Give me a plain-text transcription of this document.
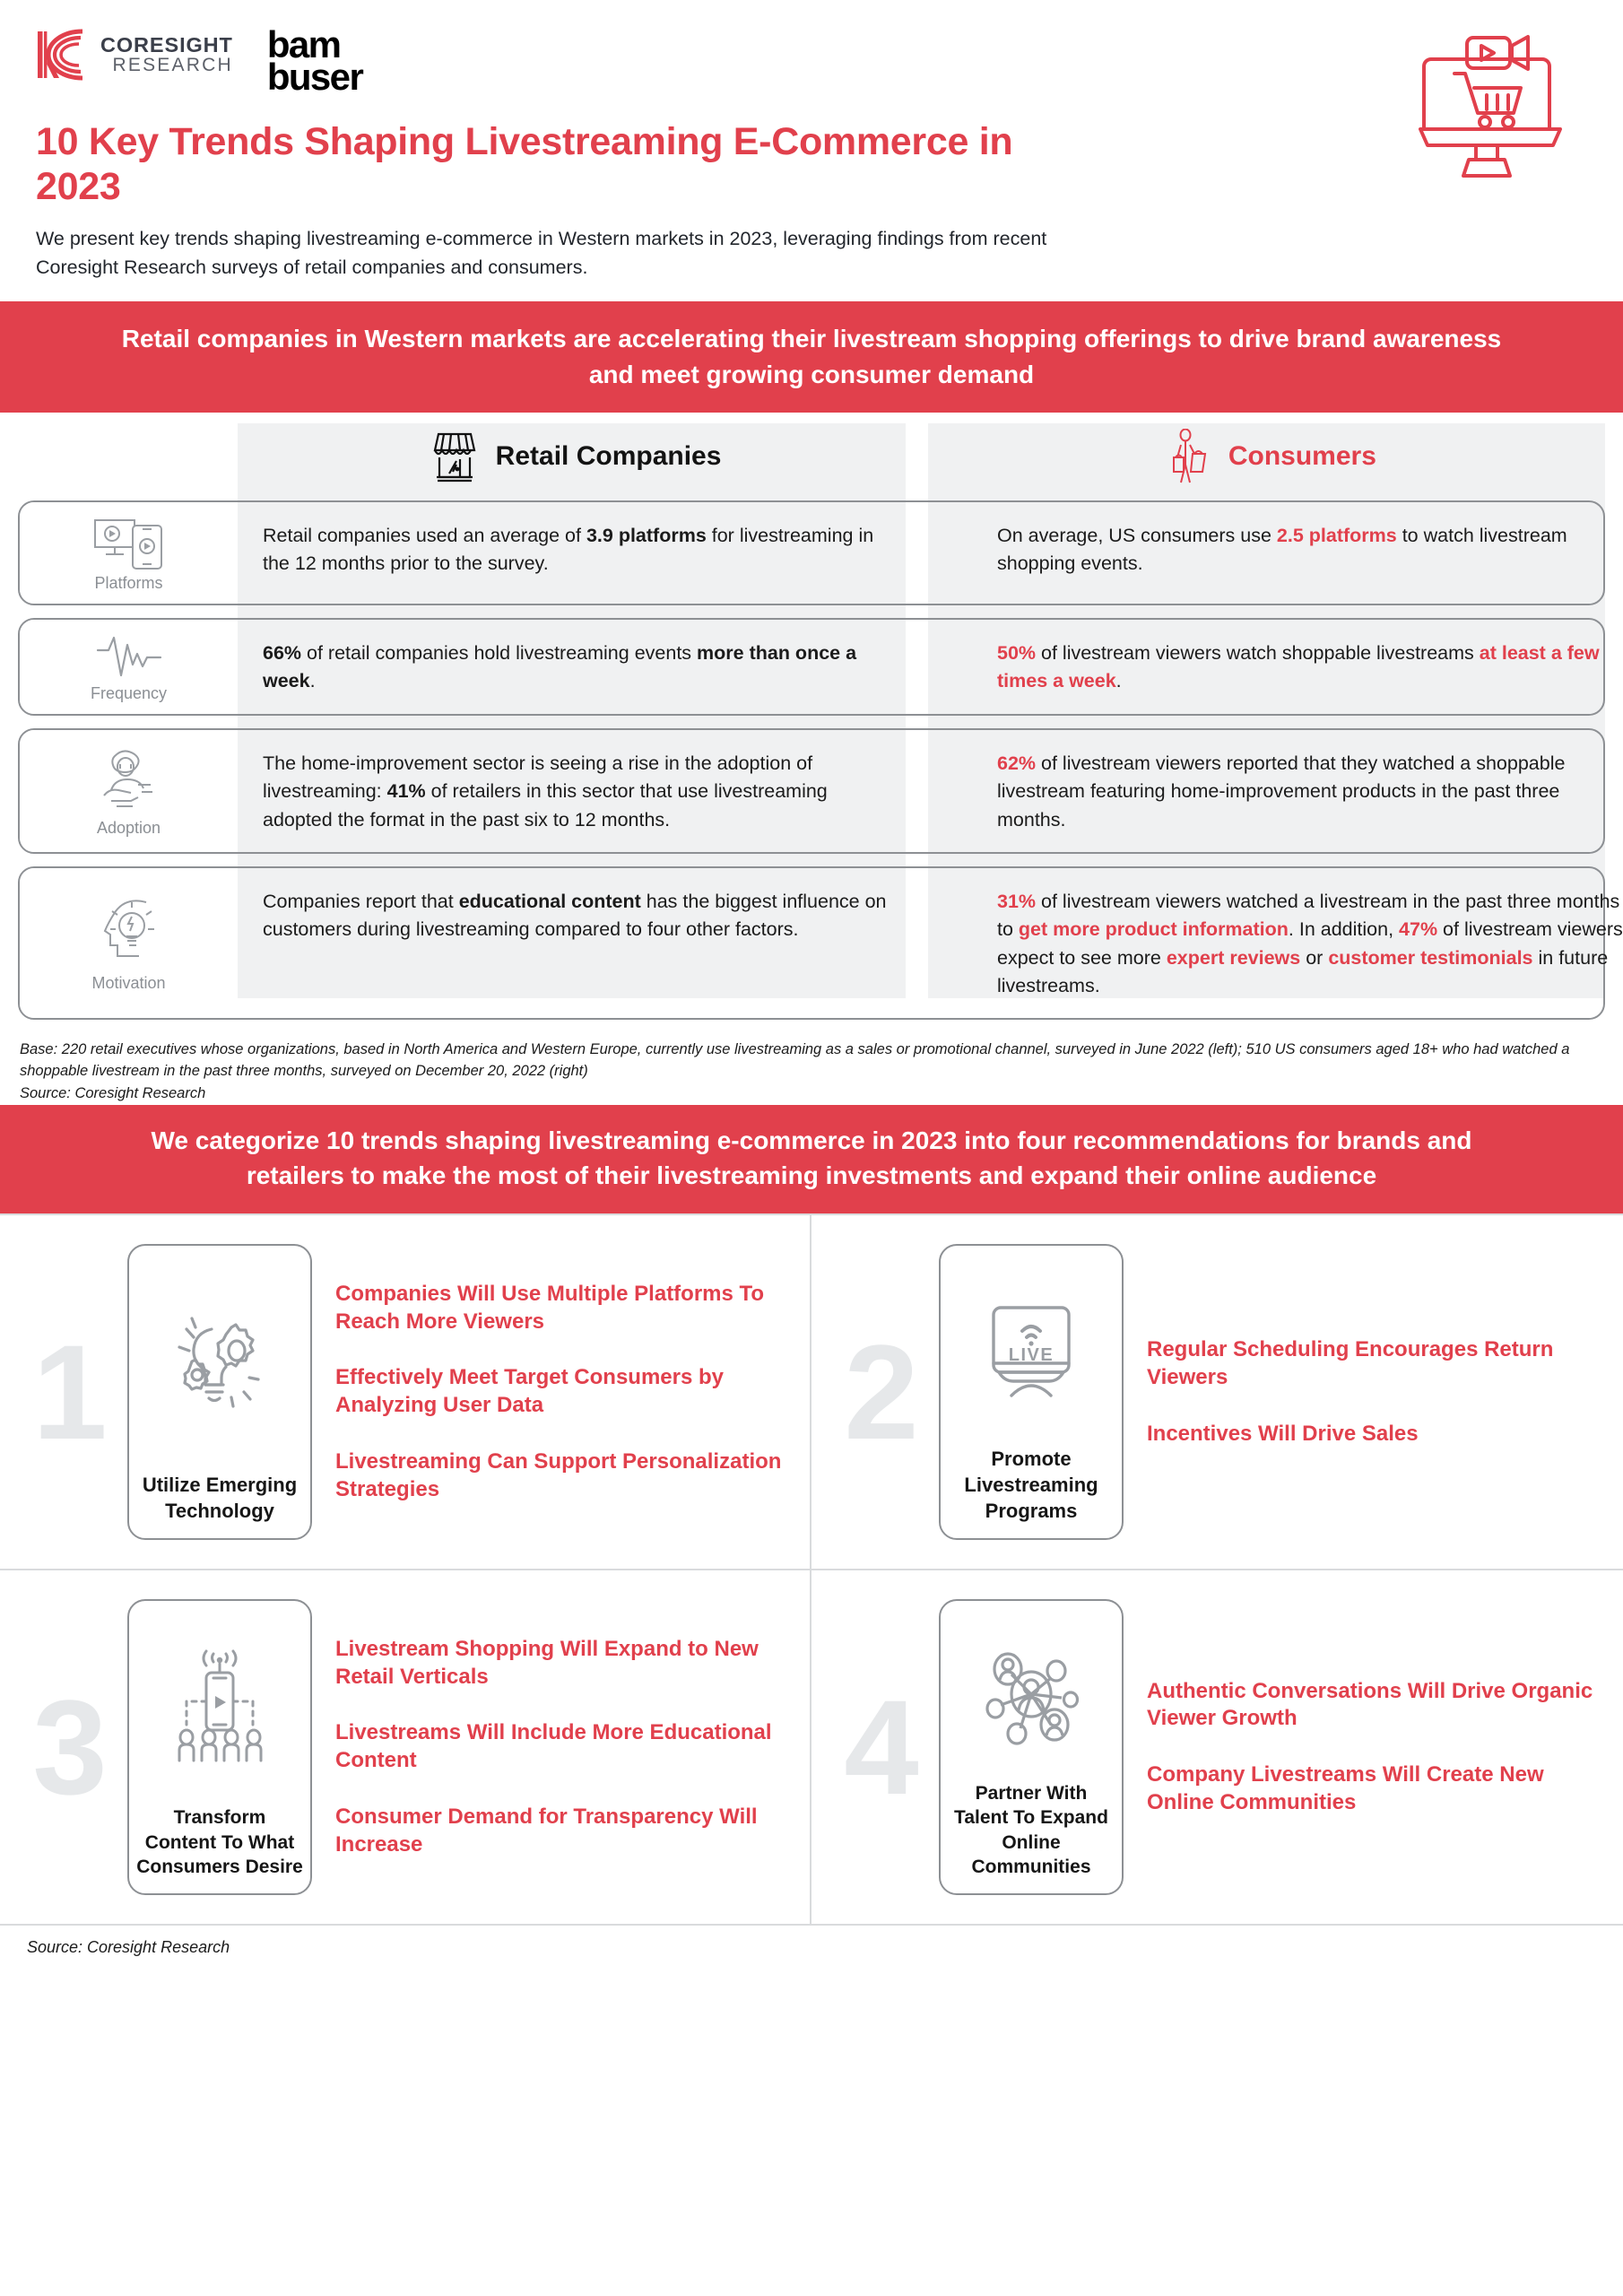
CORESIGHT
RESEARCH bam
buser
10 Key Trends Shaping Livestreaming E-Commerce in 2023
We present key trends shaping livestreaming e-commerce in Western markets in 2023, leveraging findings from recent Coresight Research surveys of retail companies and consumers.
Retail companies in Western markets are accelerating their livestream shopping offerings to drive brand awareness and meet growing consumer demand
Retail Companies	Consumers
Platforms
Retail companies used an average of 3.9 platforms for livestreaming in the 12 months prior to the survey.
On average, US consumers use 2.5 platforms to watch livestream shopping events.
Frequency
66% of retail companies hold livestreaming events more than once a week.
50% of livestream viewers watch shoppable livestreams at least a few times a week.
Adoption
The home-improvement sector is seeing a rise in the adoption of livestreaming: 41% of retailers in this sector that use livestreaming adopted the format in the past six to 12 months.
62% of livestream viewers reported that they watched a shoppable livestream featuring home-improvement products in the past three months.
Motivation
Companies report that educational content has the biggest influence on customers during livestreaming compared to four other factors.
31% of livestream viewers watched a livestream in the past three months to get more product information. In addition, 47% of livestream viewers expect to see more expert reviews or customer testimonials in future livestreams.
Base: 220 retail executives whose organizations, based in North America and Western Europe, currently use livestreaming as a sales or promotional channel, surveyed in June 2022 (left); 510 US consumers aged 18+ who had watched a shoppable livestream in the past three months, surveyed on December 20, 2022 (right)
Source: Coresight Research
We categorize 10 trends shaping livestreaming e-commerce in 2023 into four recommendations for brands and retailers to make the most of their livestreaming investments and expand their online audience
1
Utilize Emerging Technology
Companies Will Use Multiple Platforms To Reach More Viewers
Effectively Meet Target Consumers by Analyzing User Data
Livestreaming Can Support Personalization Strategies
2	LIVE
Promote Livestreaming Programs
Regular Scheduling Encourages Return Viewers
Incentives Will Drive Sales
3	Transform Content To What Consumers Desire
Livestream Shopping Will Expand to New Retail Verticals
Livestreams Will Include More Educational Content
Consumer Demand for Transparency Will Increase
4	Partner With Talent To Expand Online Communities
Authentic Conversations Will Drive Organic Viewer Growth
Company Livestreams Will Create New Online Communities
Source: Coresight Research
